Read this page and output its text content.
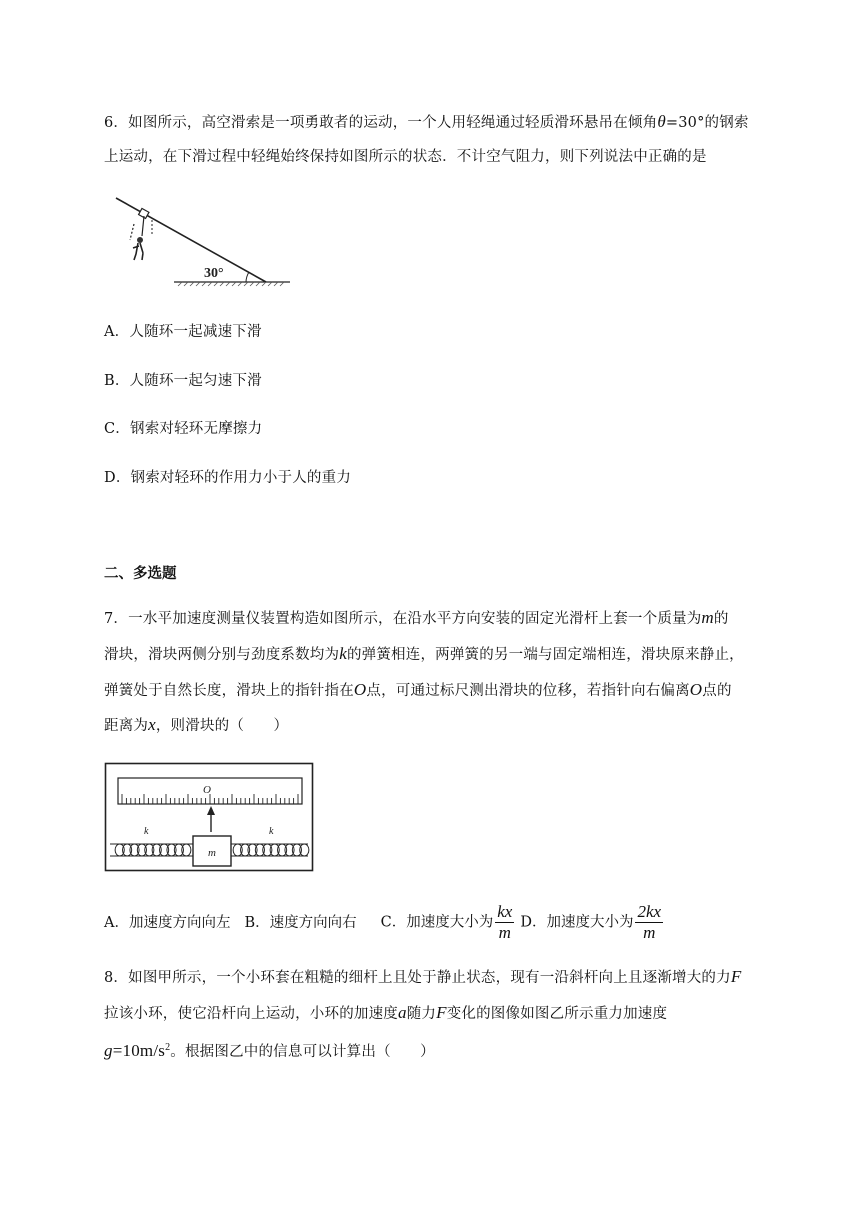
6．如图所示，高空滑索是一项勇敢者的运动，一个人用轻绳通过轻质滑环悬吊在倾角θ=30°的钢索
上运动，在下滑过程中轻绳始终保持如图所示的状态．不计空气阻力，则下列说法中正确的是
30°
A．人随环一起减速下滑
B．人随环一起匀速下滑
C．钢索对轻环无摩擦力
D．钢索对轻环的作用力小于人的重力
二、多选题
7．一水平加速度测量仪装置构造如图所示，在沿水平方向安装的固定光滑杆上套一个质量为m的
滑块，滑块两侧分别与劲度系数均为k的弹簧相连，两弹簧的另一端与固定端相连，滑块原来静止，
弹簧处于自然长度，滑块上的指针指在O点，可通过标尺测出滑块的位移，若指针向右偏离O点的
距离为x，则滑块的（　　）
O
m
k	k
A．加速度方向向左 B．速度方向向右 C．加速度大小为 $\frac{kx}{m}$ D．加速度大小为 $\frac{2kx}{m}$
8．如图甲所示，一个小环套在粗糙的细杆上且处于静止状态，现有一沿斜杆向上且逐渐增大的力F
拉该小环，使它沿杆向上运动，小环的加速度a随力F变化的图像如图乙所示重力加速度
$g=10m/s^2$。根据图乙中的信息可以计算出（　　）
